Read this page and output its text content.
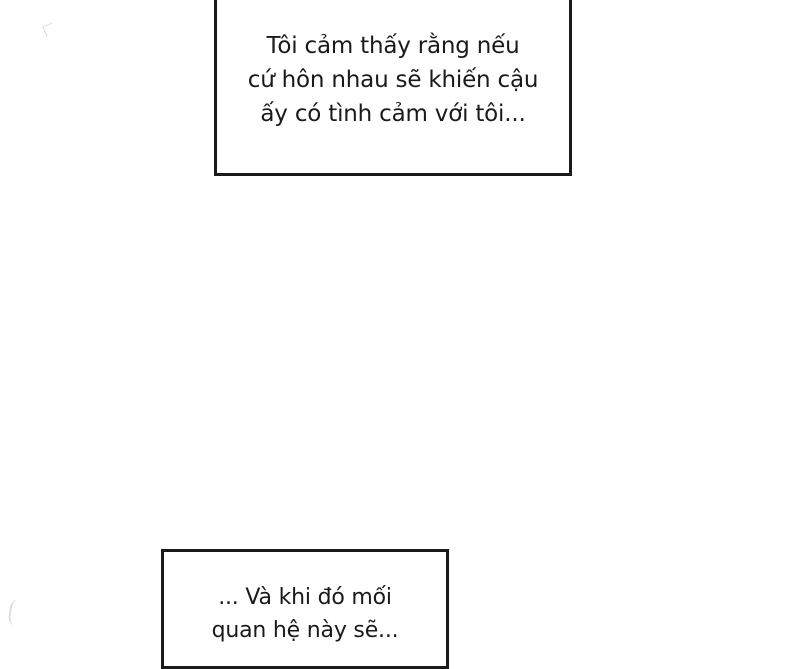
Tôi cảm thấy rằng nếu
cứ hôn nhau sẽ khiến cậu
ấy có tình cảm với tôi...
... Và khi đó mối
quan hệ này sẽ...
